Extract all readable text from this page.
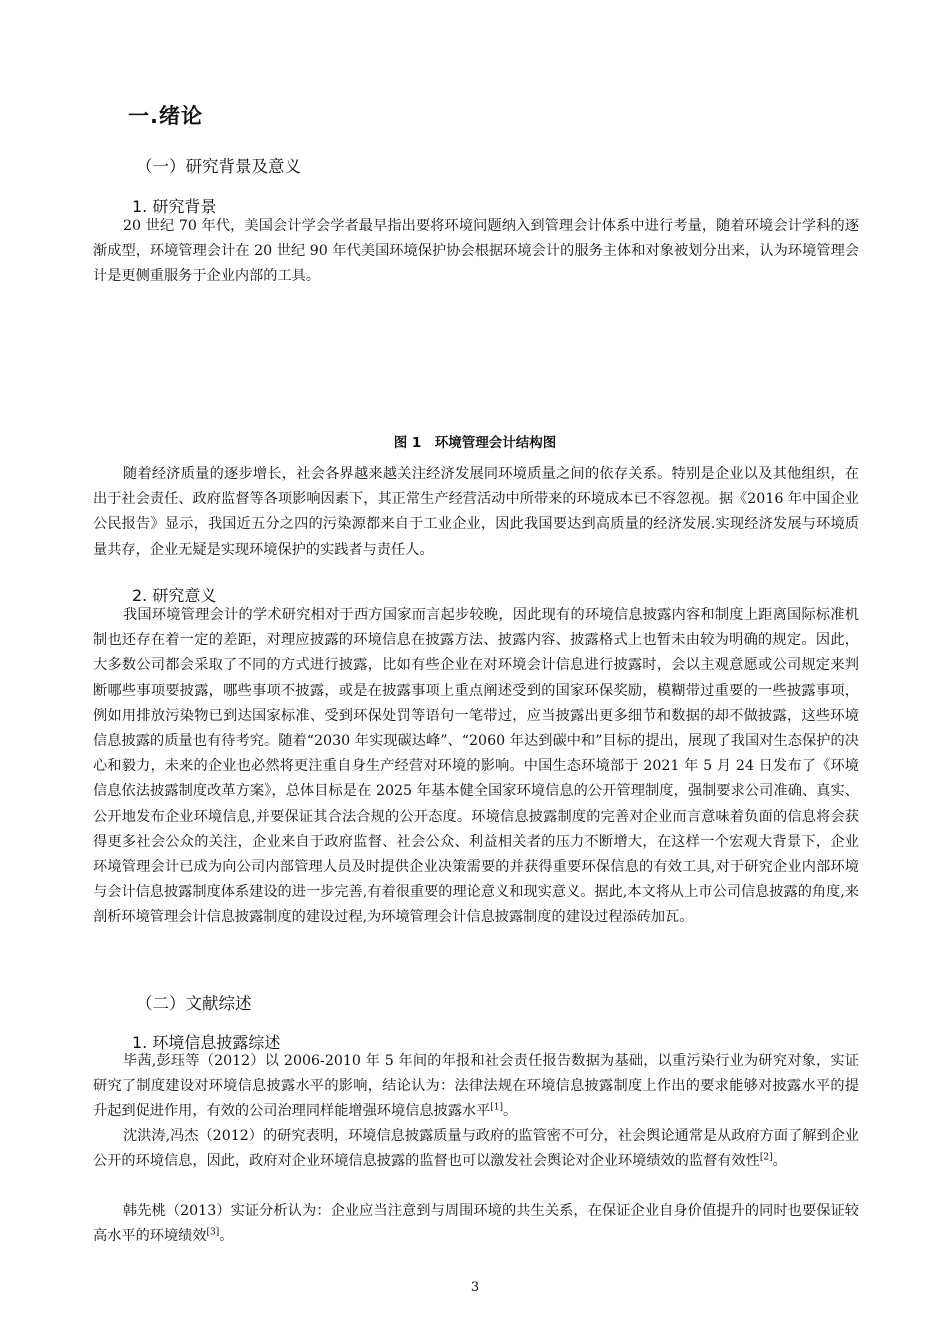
一.绪论
（一）研究背景及意义
1. 研究背景

20 世纪 70 年代，美国会计学会学者最早指出要将环境问题纳入到管理会计体系中进行考量，随着环境会计学科的逐渐成型，环境管理会计在 20 世纪 90 年代美国环境保护协会根据环境会计的服务主体和对象被划分出来，认为环境管理会计是更侧重服务于企业内部的工具。

图 1　环境管理会计结构图

随着经济质量的逐步增长，社会各界越来越关注经济发展同环境质量之间的依存关系。特别是企业以及其他组织，在出于社会责任、政府监督等各项影响因素下，其正常生产经营活动中所带来的环境成本已不容忽视。据《2016 年中国企业公民报告》显示，我国近五分之四的污染源都来自于工业企业，因此我国要达到高质量的经济发展.实现经济发展与环境质量共存，企业无疑是实现环境保护的实践者与责任人。

2. 研究意义

我国环境管理会计的学术研究相对于西方国家而言起步较晚，因此现有的环境信息披露内容和制度上距离国际标准机制也还存在着一定的差距，对理应披露的环境信息在披露方法、披露内容、披露格式上也暂未由较为明确的规定。因此，大多数公司都会采取了不同的方式进行披露，比如有些企业在对环境会计信息进行披露时，会以主观意愿或公司规定来判断哪些事项要披露，哪些事项不披露，或是在披露事项上重点阐述受到的国家环保奖励，模糊带过重要的一些披露事项，例如用排放污染物已到达国家标准、受到环保处罚等语句一笔带过，应当披露出更多细节和数据的却不做披露，这些环境信息披露的质量也有待考究。随着“2030 年实现碳达峰”、“2060 年达到碳中和”目标的提出，展现了我国对生态保护的决心和毅力，未来的企业也必然将更注重自身生产经营对环境的影响。中国生态环境部于 2021 年 5 月 24 日发布了《环境信息依法披露制度改革方案》，总体目标是在 2025 年基本健全国家环境信息的公开管理制度，强制要求公司准确、真实、公开地发布企业环境信息,并要保证其合法合规的公开态度。环境信息披露制度的完善对企业而言意味着负面的信息将会获得更多社会公众的关注，企业来自于政府监督、社会公众、利益相关者的压力不断增大，在这样一个宏观大背景下，企业环境管理会计已成为向公司内部管理人员及时提供企业决策需要的并获得重要环保信息的有效工具,对于研究企业内部环境与会计信息披露制度体系建设的进一步完善,有着很重要的理论意义和现实意义。据此,本文将从上市公司信息披露的角度,来剖析环境管理会计信息披露制度的建设过程,为环境管理会计信息披露制度的建设过程添砖加瓦。

（二）文献综述
1. 环境信息披露综述

毕茜,彭珏等（2012）以 2006-2010 年 5 年间的年报和社会责任报告数据为基础，以重污染行业为研究对象，实证研究了制度建设对环境信息披露水平的影响，结论认为：法律法规在环境信息披露制度上作出的要求能够对披露水平的提升起到促进作用，有效的公司治理同样能增强环境信息披露水平[1]。

沈洪涛,冯杰（2012）的研究表明，环境信息披露质量与政府的监管密不可分，社会舆论通常是从政府方面了解到企业公开的环境信息，因此，政府对企业环境信息披露的监督也可以激发社会舆论对企业环境绩效的监督有效性[2]。

韩先桃（2013）实证分析认为：企业应当注意到与周围环境的共生关系，在保证企业自身价值提升的同时也要保证较高水平的环境绩效[3]。

3
